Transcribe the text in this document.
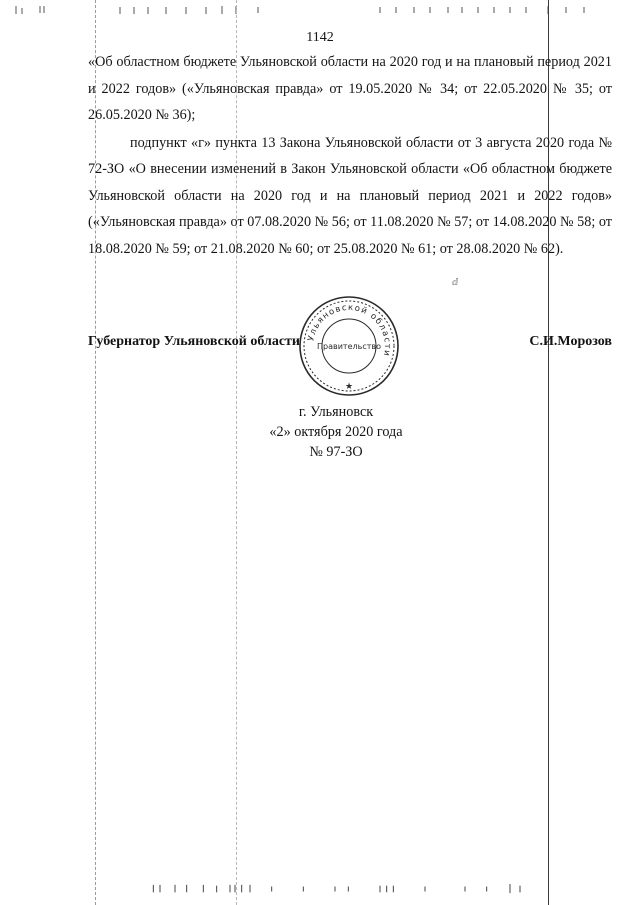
1142

«Об областном бюджете Ульяновской области на 2020 год и на плановый период 2021 и 2022 годов» («Ульяновская правда» от 19.05.2020 № 34; от 22.05.2020 № 35; от 26.05.2020 № 36);

подпункт «г» пункта 13 Закона Ульяновской области от 3 августа 2020 года № 72-ЗО «О внесении изменений в Закон Ульяновской области «Об областном бюджете Ульяновской области на 2020 год и на плановый период 2021 и 2022 годов» («Ульяновская правда» от 07.08.2020 № 56; от 11.08.2020 № 57; от 14.08.2020 № 58; от 18.08.2020 № 59; от 21.08.2020 № 60; от 25.08.2020 № 61; от 28.08.2020 № 62).

ⅆ
Ульяновской области
Правительство
★
Губернатор Ульяновской области	С.И.Морозов
г. Ульяновск
«2» октября 2020 года
№ 97-ЗО
